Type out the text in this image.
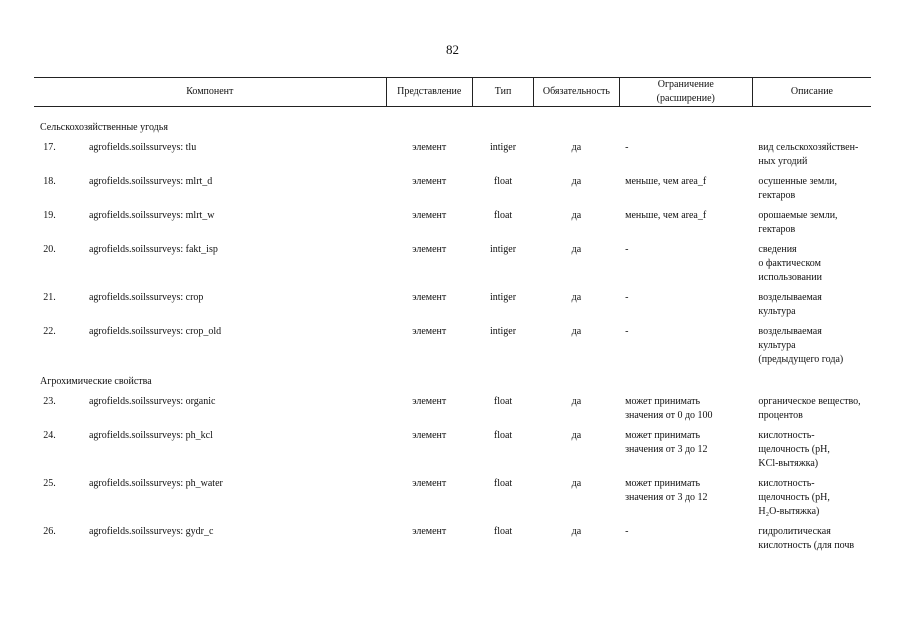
82
Компонент		Представление	Тип	Обязательность	Ограничение
(расширение)	Описание

Сельскохозяйственные угодья						
17.	agrofields.soilssurveys: tlu	элемент	intiger	да	-	вид сельскохозяйствен-
ных угодий
18.	agrofields.soilssurveys: mlrt_d	элемент	float	да	меньше, чем area_f	осушенные земли,
гектаров
19.	agrofields.soilssurveys: mlrt_w	элемент	float	да	меньше, чем area_f	орошаемые земли,
гектаров
20.	agrofields.soilssurveys: fakt_isp	элемент	intiger	да	-	сведения
о фактическом
использовании
21.	agrofields.soilssurveys: crop	элемент	intiger	да	-	возделываемая
культура
22.	agrofields.soilssurveys: crop_old	элемент	intiger	да	-	возделываемая
культура
(предыдущего года)
Агрохимические свойства						
23.	agrofields.soilssurveys: organic	элемент	float	да	может принимать
значения от 0 до 100	органическое вещество,
процентов
24.	agrofields.soilssurveys: ph_kcl	элемент	float	да	может принимать
значения от 3 до 12	кислотность-
щелочность (pH,
KCl-вытяжка)
25.	agrofields.soilssurveys: ph_water	элемент	float	да	может принимать
значения от 3 до 12	кислотность-
щелочность (pH,
H₂O-вытяжка)
26.	agrofields.soilssurveys: gydr_c	элемент	float	да	-	гидролитическая
кислотность (для почв
